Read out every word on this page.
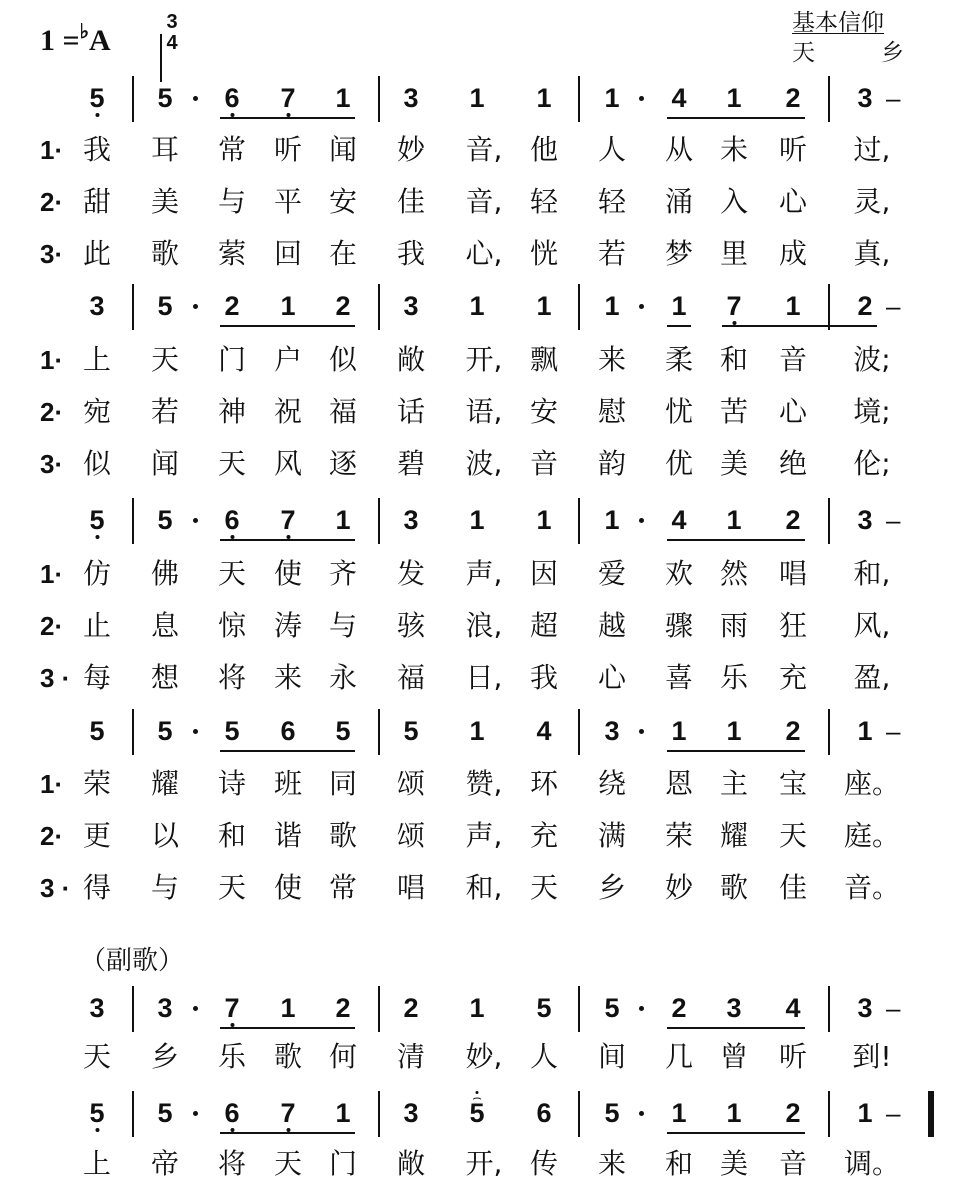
1 =♭A
3
4
基本信仰
天	乡
（副歌）
5 5 6 7 1 3 1 1 1 4 1 2 3 –
1· 我 耳 常 听 闻 妙 音, 他 人 从 未 听 过,
2· 甜 美 与 平 安 佳 音, 轻 轻 涌 入 心 灵,
3· 此 歌 萦 回 在 我 心, 恍 若 梦 里 成 真,
3 5 2 1 2 3 1 1 1 1 7 1 2 –
1· 上 天 门 户 似 敞 开, 飘 来 柔 和 音 波;
2· 宛 若 神 祝 福 话 语, 安 慰 忧 苦 心 境;
3· 似 闻 天 风 逐 碧 波, 音 韵 优 美 绝 伦;
5 5 6 7 1 3 1 1 1 4 1 2 3 –
1· 仿 佛 天 使 齐 发 声, 因 爱 欢 然 唱 和,
2· 止 息 惊 涛 与 骇 浪, 超 越 骤 雨 狂 风,
3 · 每 想 将 来 永 福 日, 我 心 喜 乐 充 盈,
5 5 5 6 5 5 1 4 3 1 1 2 1 –
1· 荣 耀 诗 班 同 颂 赞, 环 绕 恩 主 宝 座。
2· 更 以 和 谐 歌 颂 声, 充 满 荣 耀 天 庭。
3 · 得 与 天 使 常 唱 和, 天 乡 妙 歌 佳 音。
3 3 7 1 2 2 1 5 5 2 3 4 3 –
天 乡 乐 歌 何 清 妙, 人 间 几 曾 听 到!
5 5 6 7 1 3
⌢ 5 6 5 1 1 2 1 –
上 帝 将 天 门 敞 开, 传 来 和 美 音 调。
